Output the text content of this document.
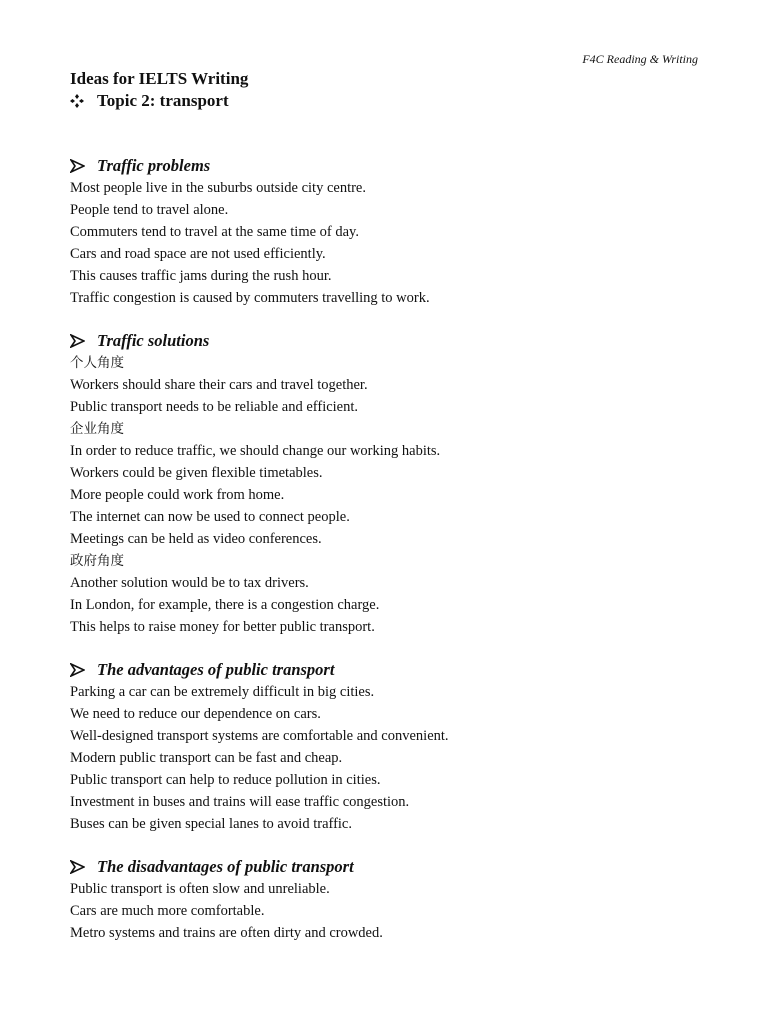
F4C Reading & Writing
Ideas for IELTS Writing
Topic 2: transport
Traffic problems
Most people live in the suburbs outside city centre.
People tend to travel alone.
Commuters tend to travel at the same time of day.
Cars and road space are not used efficiently.
This causes traffic jams during the rush hour.
Traffic congestion is caused by commuters travelling to work.
Traffic solutions
个人角度
Workers should share their cars and travel together.
Public transport needs to be reliable and efficient.
企业角度
In order to reduce traffic, we should change our working habits.
Workers could be given flexible timetables.
More people could work from home.
The internet can now be used to connect people.
Meetings can be held as video conferences.
政府角度
Another solution would be to tax drivers.
In London, for example, there is a congestion charge.
This helps to raise money for better public transport.
The advantages of public transport
Parking a car can be extremely difficult in big cities.
We need to reduce our dependence on cars.
Well-designed transport systems are comfortable and convenient.
Modern public transport can be fast and cheap.
Public transport can help to reduce pollution in cities.
Investment in buses and trains will ease traffic congestion.
Buses can be given special lanes to avoid traffic.
The disadvantages of public transport
Public transport is often slow and unreliable.
Cars are much more comfortable.
Metro systems and trains are often dirty and crowded.
